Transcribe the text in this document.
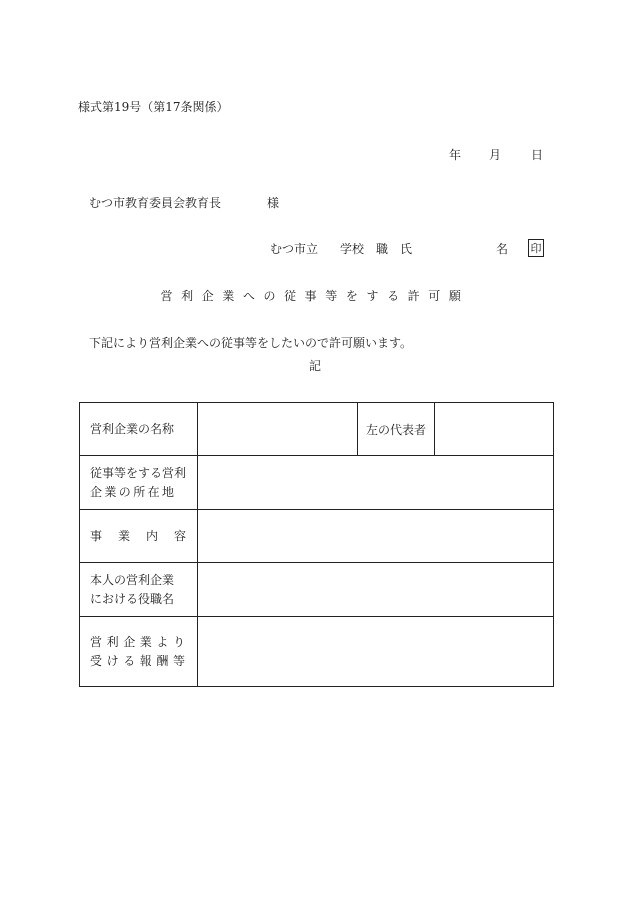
様式第19号（第17条関係）
年 月	日
むつ市教育委員会教育長	様
むつ市立 学校 職 氏	名 印
営利企業への従事等をする許可願
下記により営利企業への従事等をしたいので許可願います。
記
営利企業の名称		左の代表者	

従事等をする営利
企業の所在地			

事業内容			

本人の営利企業
における役職名			

営利企業より
受ける報酬等			
